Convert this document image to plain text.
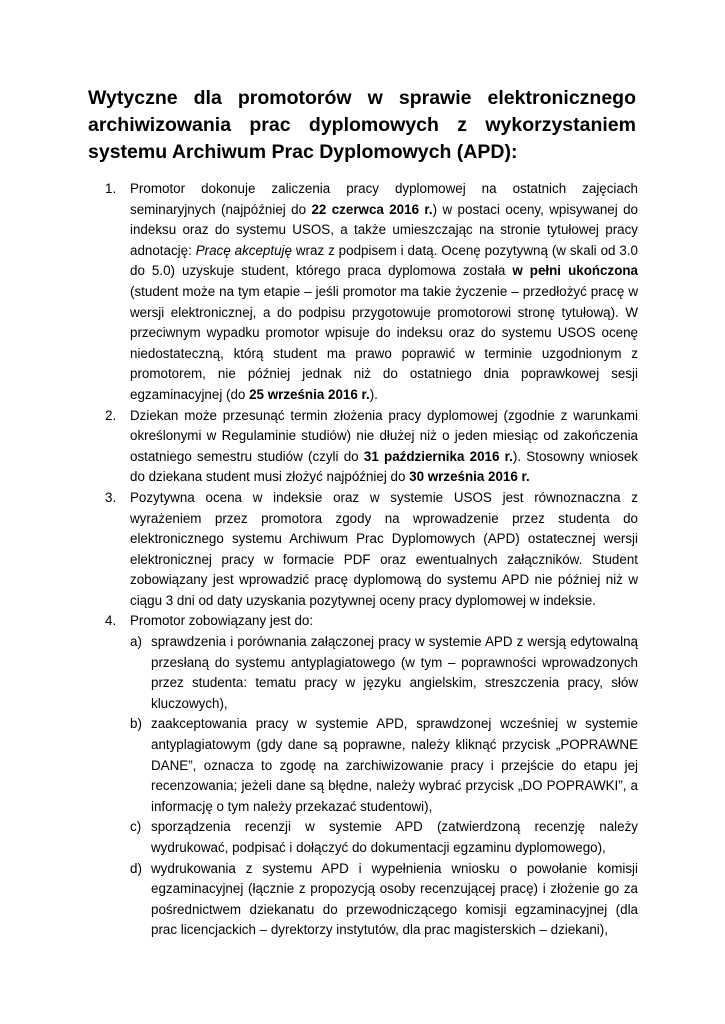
Wytyczne dla promotorów w sprawie elektronicznego archiwizowania prac dyplomowych z wykorzystaniem systemu Archiwum Prac Dyplomowych (APD):
1. Promotor dokonuje zaliczenia pracy dyplomowej na ostatnich zajęciach seminaryjnych (najpóźniej do 22 czerwca 2016 r.) w postaci oceny, wpisywanej do indeksu oraz do systemu USOS, a także umieszczając na stronie tytułowej pracy adnotację: Pracę akceptuję wraz z podpisem i datą. Ocenę pozytywną (w skali od 3.0 do 5.0) uzyskuje student, którego praca dyplomowa została w pełni ukończona (student może na tym etapie – jeśli promotor ma takie życzenie – przedłożyć pracę w wersji elektronicznej, a do podpisu przygotowuje promotorowi stronę tytułową). W przeciwnym wypadku promotor wpisuje do indeksu oraz do systemu USOS ocenę niedostateczną, którą student ma prawo poprawić w terminie uzgodnionym z promotorem, nie później jednak niż do ostatniego dnia poprawkowej sesji egzaminacyjnej (do 25 września 2016 r.).
2. Dziekan może przesunąć termin złożenia pracy dyplomowej (zgodnie z warunkami określonymi w Regulaminie studiów) nie dłużej niż o jeden miesiąc od zakończenia ostatniego semestru studiów (czyli do 31 października 2016 r.). Stosowny wniosek do dziekana student musi złożyć najpóźniej do 30 września 2016 r.
3. Pozytywna ocena w indeksie oraz w systemie USOS jest równoznaczna z wyrażeniem przez promotora zgody na wprowadzenie przez studenta do elektronicznego systemu Archiwum Prac Dyplomowych (APD) ostatecznej wersji elektronicznej pracy w formacie PDF oraz ewentualnych załączników. Student zobowiązany jest wprowadzić pracę dyplomową do systemu APD nie później niż w ciągu 3 dni od daty uzyskania pozytywnej oceny pracy dyplomowej w indeksie.
4. Promotor zobowiązany jest do:
a) sprawdzenia i porównania załączonej pracy w systemie APD z wersją edytowalną przesłaną do systemu antyplagiatowego (w tym – poprawności wprowadzonych przez studenta: tematu pracy w języku angielskim, streszczenia pracy, słów kluczowych),
b) zaakceptowania pracy w systemie APD, sprawdzonej wcześniej w systemie antyplagiatowym (gdy dane są poprawne, należy kliknąć przycisk „POPRAWNE DANE”, oznacza to zgodę na zarchiwizowanie pracy i przejście do etapu jej recenzowania; jeżeli dane są błędne, należy wybrać przycisk „DO POPRAWKI”, a informację o tym należy przekazać studentowi),
c) sporządzenia recenzji w systemie APD (zatwierdzoną recenzję należy wydrukować, podpisać i dołączyć do dokumentacji egzaminu dyplomowego),
d) wydrukowania z systemu APD i wypełnienia wniosku o powołanie komisji egzaminacyjnej (łącznie z propozycją osoby recenzującej pracę) i złożenie go za pośrednictwem dziekanatu do przewodniczącego komisji egzaminacyjnej (dla prac licencjackich – dyrektorzy instytutów, dla prac magisterskich – dziekani),
